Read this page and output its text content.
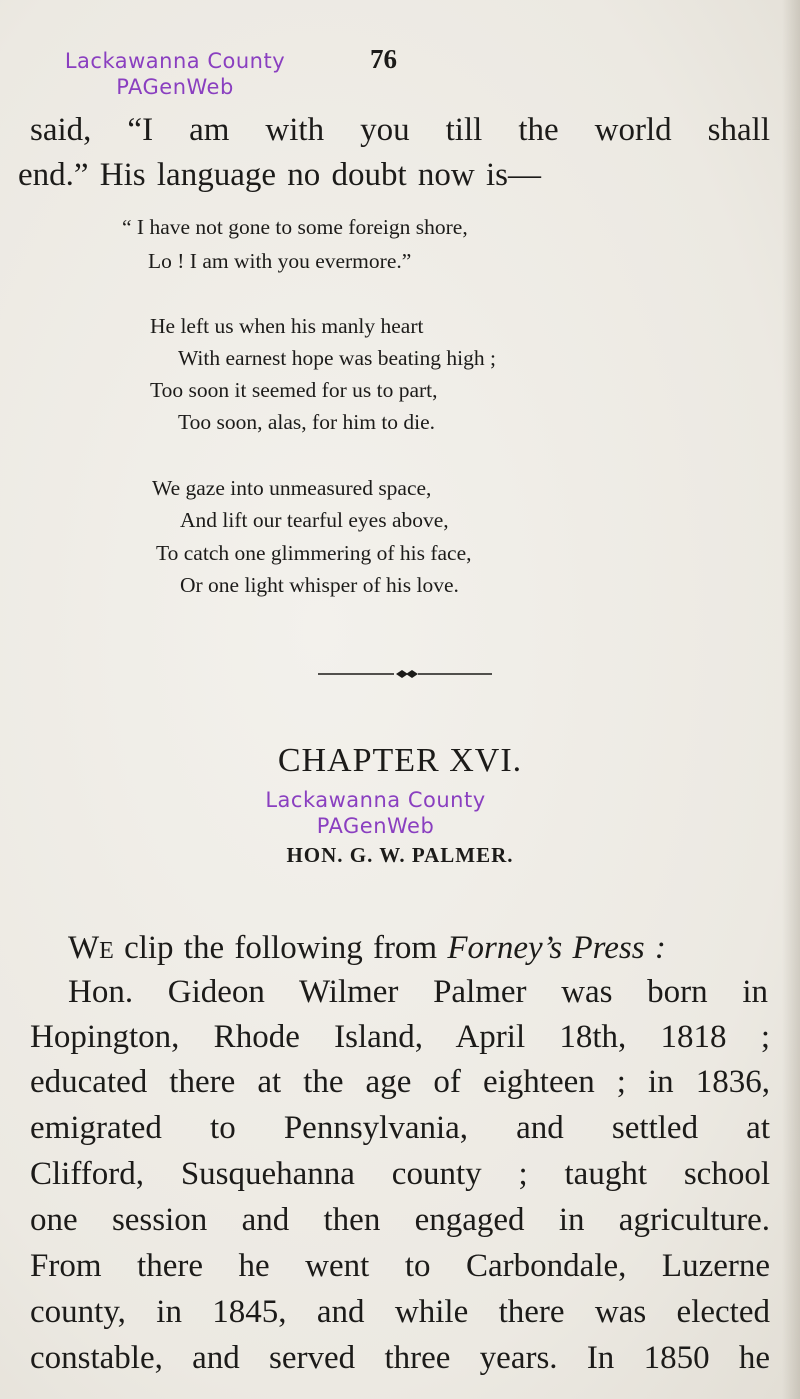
Lackawanna County
PAGenWeb
76
said, “I am with you till the world shall
end.” His language no doubt now is—
“ I have not gone to some foreign shore,
Lo ! I am with you evermore.”
He left us when his manly heart
With earnest hope was beating high ;
Too soon it seemed for us to part,
Too soon, alas, for him to die.
We gaze into unmeasured space,
And lift our tearful eyes above,
To catch one glimmering of his face,
Or one light whisper of his love.
CHAPTER XVI.
Lackawanna County
PAGenWeb
HON. G. W. PALMER.
WE clip the following from Forney’s Press :
Hon. Gideon Wilmer Palmer was born in
Hopington, Rhode Island, April 18th, 1818 ;
educated there at the age of eighteen ; in 1836,
emigrated to Pennsylvania, and settled at
Clifford, Susquehanna county ; taught school
one session and then engaged in agriculture.
From there he went to Carbondale, Luzerne
county, in 1845, and while there was elected
constable, and served three years. In 1850 he
